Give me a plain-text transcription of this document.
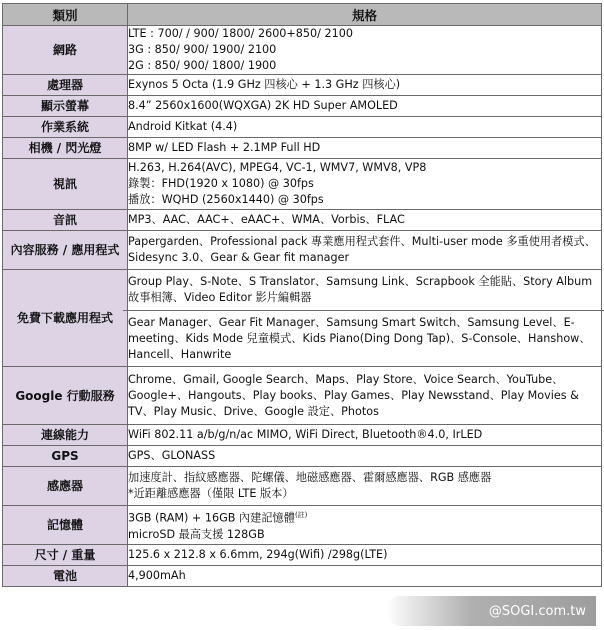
類別	規格
網路	LTE : 700/ / 900/ 1800/ 2600+850/ 2100
3G : 850/ 900/ 1900/ 2100
2G : 850/ 900/ 1800/ 1900

處理器	Exynos 5 Octa (1.9 GHz 四核心 + 1.3 GHz 四核心)
顯示螢幕	8.4” 2560x1600(WQXGA) 2K HD Super AMOLED
作業系統	Android Kitkat (4.4)
相機 / 閃光燈	8MP w/ LED Flash + 2.1MP Full HD
視訊	H.263, H.264(AVC), MPEG4, VC-1, WMV7, WMV8, VP8
錄製：FHD(1920 x 1080) @ 30fps
播放：WQHD (2560x1440) @ 30fps

音訊	MP3、AAC、AAC+、eAAC+、WMA、Vorbis、FLAC
內容服務 / 應用程式	Papergarden、Professional pack 專業應用程式套件、Multi-user mode 多重使用者模式、Sidesync 3.0、Gear & Gear fit manager
免費下載應用程式	Group Play、S-Note、S Translator、Samsung Link、Scrapbook 全能貼、Story Album 故事相簿、Video Editor 影片編輯器
Gear Manager、Gear Fit Manager、Samsung Smart Switch、Samsung Level、E-meeting、Kids Mode 兒童模式、Kids Piano(Ding Dong Tap)、S-Console、Hanshow、Hancell、Hanwrite

Google 行動服務	Chrome、Gmail, Google Search、Maps、Play Store、Voice Search、YouTube、Google+、Hangouts、Play books、Play Games、Play Newsstand、Play Movies & TV、Play Music、Drive、Google 設定、Photos
連線能力	WiFi 802.11 a/b/g/n/ac MIMO, WiFi Direct, Bluetooth®4.0, IrLED
GPS	GPS、GLONASS
感應器	加速度計、指紋感應器、陀螺儀、地磁感應器、霍爾感應器、RGB 感應器
*近距離感應器（僅限 LTE 版本）

記憶體	3GB (RAM) + 16GB 內建記憶體$^{(註)}$
microSD 最高支援 128GB

尺寸 / 重量	125.6 x 212.8 x 6.6mm, 294g(Wifi) /298g(LTE)
電池	4,900mAh
@SOGI.com.tw
